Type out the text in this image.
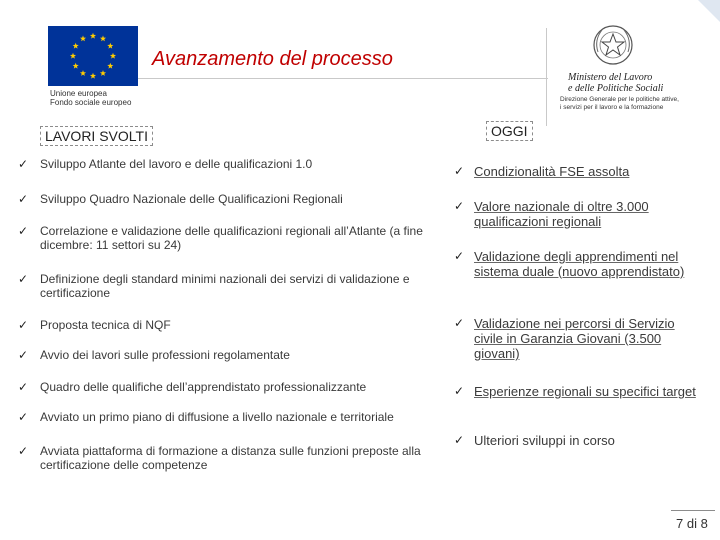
Unione europea
Fondo sociale europeo
Avanzamento del processo
Ministero del Lavoro
e delle Politiche Sociali
Direzione Generale per le politiche attive,
i servizi per il lavoro e la formazione
LAVORI SVOLTI	OGGI
✓ Sviluppo Atlante del lavoro e delle qualificazioni 1.0
✓ Sviluppo Quadro Nazionale delle Qualificazioni Regionali
✓ Correlazione e validazione delle qualificazioni regionali all’Atlante (a fine dicembre: 11 settori su 24)
✓ Definizione degli standard minimi nazionali dei servizi di validazione e certificazione
✓ Proposta tecnica di NQF
✓ Avvio dei lavori sulle professioni regolamentate
✓ Quadro delle qualifiche dell’apprendistato professionalizzante
✓ Avviato un primo piano di diffusione a livello nazionale e territoriale
✓ Avviata piattaforma di formazione a distanza sulle funzioni preposte alla certificazione delle competenze
✓ Condizionalità FSE assolta
✓ Valore nazionale di oltre 3.000 qualificazioni regionali
✓ Validazione degli apprendimenti nel sistema duale (nuovo apprendistato)
✓ Validazione nei percorsi di Servizio civile in Garanzia Giovani (3.500 giovani)
✓ Esperienze regionali su specifici target
✓ Ulteriori sviluppi in corso
7 di 8
